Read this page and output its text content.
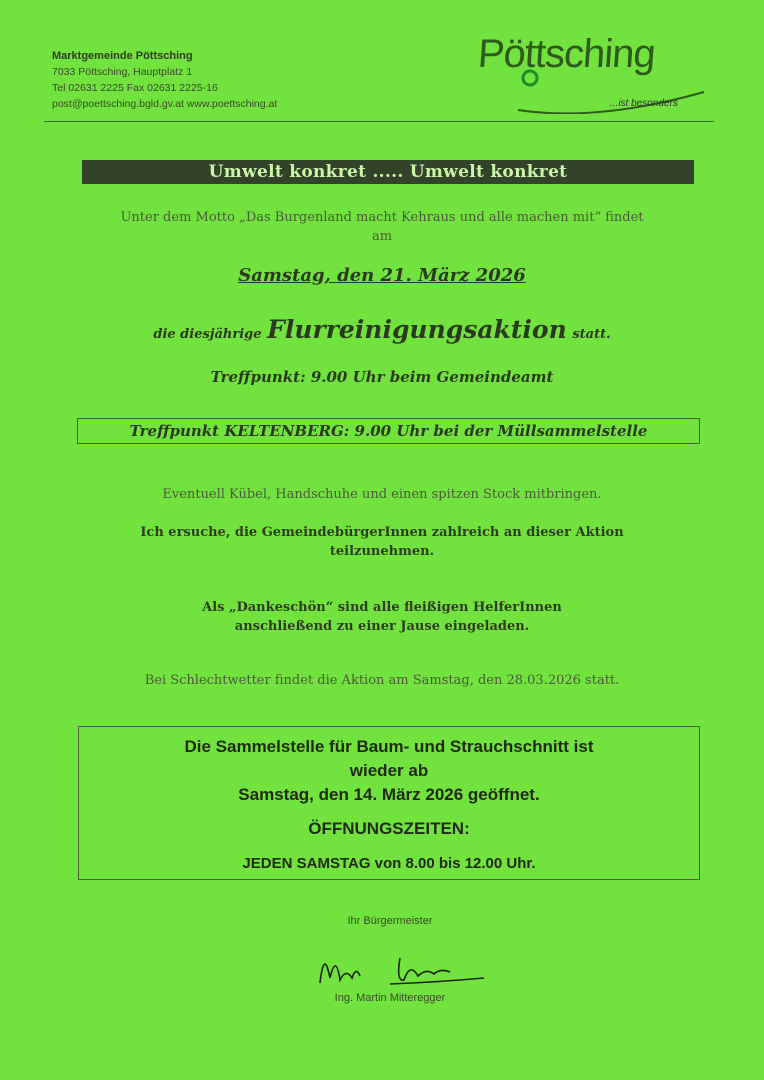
Marktgemeinde Pöttsching
7033 Pöttsching, Hauptplatz 1
Tel 02631 2225 Fax 02631 2225-16
post@poettsching.bgld.gv.at www.poettsching.at
Pöttsching
...ist besonders
Umwelt konkret ..... Umwelt konkret
Unter dem Motto „Das Burgenland macht Kehraus und alle machen mit“ findet
am
Samstag, den 21. März 2026
die diesjährige Flurreinigungsaktion statt.
Treffpunkt: 9.00 Uhr beim Gemeindeamt
Treffpunkt KELTENBERG: 9.00 Uhr bei der Müllsammelstelle
Eventuell Kübel, Handschuhe und einen spitzen Stock mitbringen.
Ich ersuche, die GemeindebürgerInnen zahlreich an dieser Aktion
teilzunehmen.
Als „Dankeschön“ sind alle fleißigen HelferInnen
anschließend zu einer Jause eingeladen.
Bei Schlechtwetter findet die Aktion am Samstag, den 28.03.2026 statt.
Die Sammelstelle für Baum- und Strauchschnitt ist
wieder ab
Samstag, den 14. März 2026 geöffnet.
ÖFFNUNGSZEITEN:
JEDEN SAMSTAG von 8.00 bis 12.00 Uhr.
Ihr Bürgermeister
Ing. Martin Mitteregger
